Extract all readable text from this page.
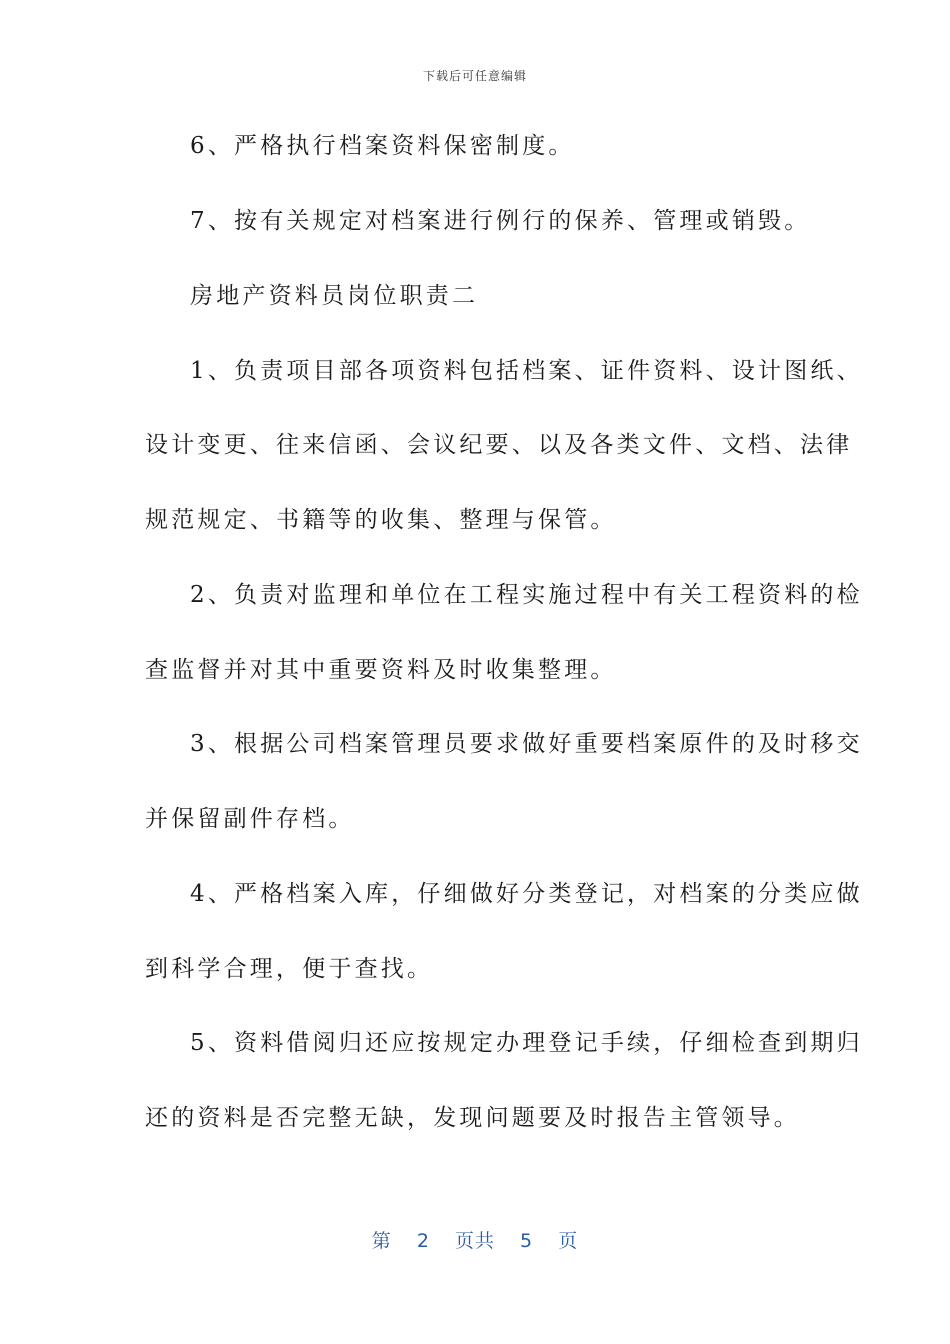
下载后可任意编辑
6、严格执行档案资料保密制度。
7、按有关规定对档案进行例行的保养、管理或销毁。
房地产资料员岗位职责二
1、负责项目部各项资料包括档案、证件资料、设计图纸、
设计变更、往来信函、会议纪要、以及各类文件、文档、法律
规范规定、书籍等的收集、整理与保管。
2、负责对监理和单位在工程实施过程中有关工程资料的检
查监督并对其中重要资料及时收集整理。
3、根据公司档案管理员要求做好重要档案原件的及时移交
并保留副件存档。
4、严格档案入库，仔细做好分类登记，对档案的分类应做
到科学合理，便于查找。
5、资料借阅归还应按规定办理登记手续，仔细检查到期归
还的资料是否完整无缺，发现问题要及时报告主管领导。
第 2 页共 5 页
